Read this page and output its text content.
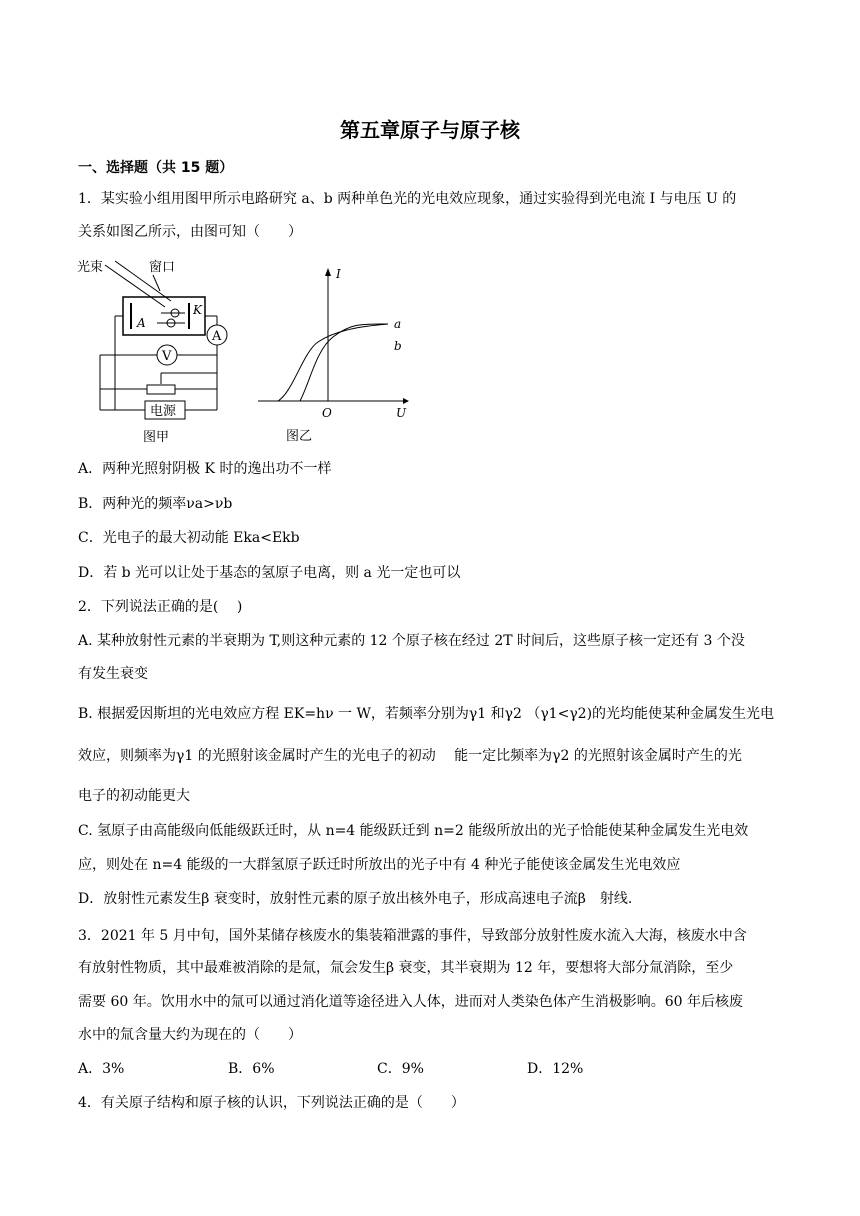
第五章原子与原子核
一、选择题（共 15 题）
1．某实验小组用图甲所示电路研究 a、b 两种单色光的光电效应现象，通过实验得到光电流 I 与电压 U 的
关系如图乙所示，由图可知（　　）
光束	窗口
K
A
A
V
电源
图甲
I
U
O
a
b
图乙
A．两种光照射阴极 K 时的逸出功不一样
B．两种光的频率νa>νb
C．光电子的最大初动能 Eka<Ekb
D．若 b 光可以让处于基态的氢原子电离，则 a 光一定也可以
2．下列说法正确的是(　 )
A. 某种放射性元素的半衰期为 T,则这种元素的 12 个原子核在经过 2T 时间后，这些原子核一定还有 3 个没
有发生衰变
B. 根据爱因斯坦的光电效应方程 EK=hν 一 W，若频率分别为γ1 和γ2 （γ1<γ2)的光均能使某种金属发生光电
效应，则频率为γ1 的光照射该金属时产生的光电子的初动　 能一定比频率为γ2 的光照射该金属时产生的光
电子的初动能更大
C. 氢原子由高能级向低能级跃迁时，从 n=4 能级跃迁到 n=2 能级所放出的光子恰能使某种金属发生光电效
应，则处在 n=4 能级的一大群氢原子跃迁时所放出的光子中有 4 种光子能使该金属发生光电效应
D．放射性元素发生β 衰变时，放射性元素的原子放出核外电子，形成高速电子流β　射线.
3．2021 年 5 月中旬，国外某储存核废水的集装箱泄露的事件，导致部分放射性废水流入大海，核废水中含
有放射性物质，其中最难被消除的是氚，氚会发生β 衰变，其半衰期为 12 年，要想将大部分氚消除，至少
需要 60 年。饮用水中的氚可以通过消化道等途径进入人体，进而对人类染色体产生消极影响。60 年后核废
水中的氚含量大约为现在的（　　）
A．3%	B．6%	C．9%	D．12%
4．有关原子结构和原子核的认识，下列说法正确的是（　　）
